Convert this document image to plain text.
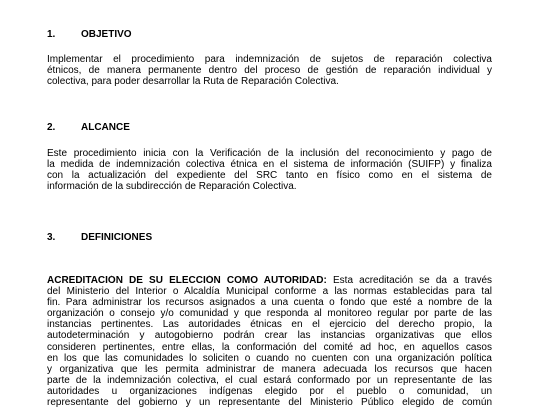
1.	OBJETIVO
Implementar el procedimiento para indemnización de sujetos de reparación colectiva
étnicos, de manera permanente dentro del proceso de gestión de reparación individual y
colectiva, para poder desarrollar la Ruta de Reparación Colectiva.
2.	ALCANCE
Este procedimiento inicia con la Verificación de la inclusión del reconocimiento y pago de
la medida de indemnización colectiva étnica en el sistema de información (SUIFP) y finaliza
con la actualización del expediente del SRC tanto en físico como en el sistema de
información de la subdirección de Reparación Colectiva.
3.	DEFINICIONES
ACREDITACIÓN DE SU ELECCIÓN COMO AUTORIDAD: Esta acreditación se da a través
del Ministerio del Interior o Alcaldía Municipal conforme a las normas establecidas para tal
fin. Para administrar los recursos asignados a una cuenta o fondo que esté a nombre de la
organización o consejo y/o comunidad y que responda al monitoreo regular por parte de las
instancias pertinentes. Las autoridades étnicas en el ejercicio del derecho propio, la
autodeterminación y autogobierno podrán crear las instancias organizativas que ellos
consideren pertinentes, entre ellas, la conformación del comité ad hoc, en aquellos casos
en los que las comunidades lo soliciten o cuando no cuenten con una organización política
y organizativa que les permita administrar de manera adecuada los recursos que hacen
parte de la indemnización colectiva, el cual estará conformado por un representante de las
autoridades u organizaciones indígenas elegido por el pueblo o comunidad, un
representante del gobierno y un representante del Ministerio Público elegido de común
